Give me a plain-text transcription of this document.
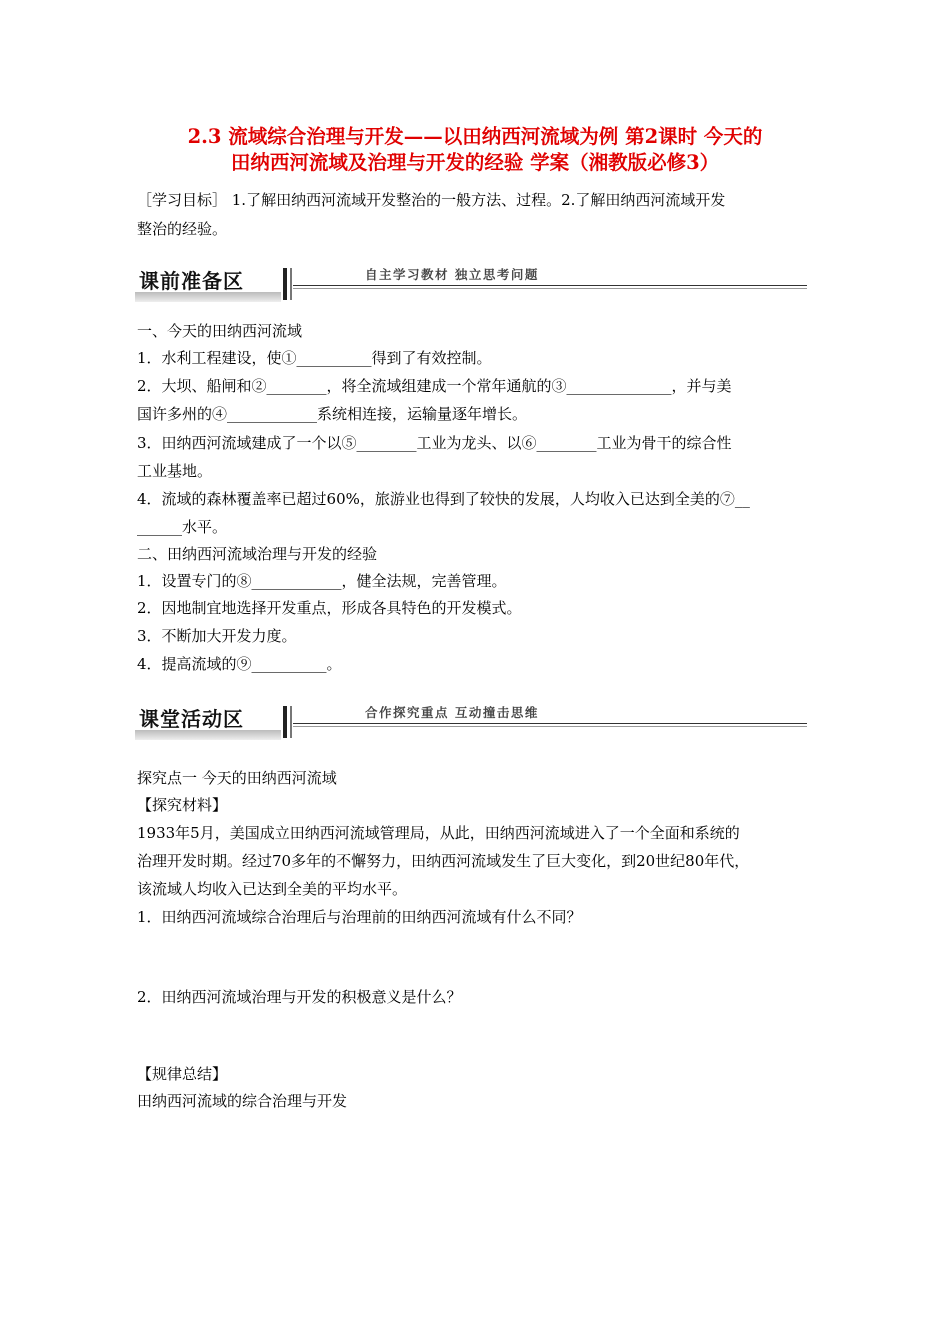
2.3 流域综合治理与开发——以田纳西河流域为例 第2课时 今天的
田纳西河流域及治理与开发的经验 学案（湘教版必修3）
［学习目标］ 1.了解田纳西河流域开发整治的一般方法、过程。2.了解田纳西河流域开发
整治的经验。
课前准备区	自主学习教材 独立思考问题
一、今天的田纳西河流域
1．水利工程建设，使①__________得到了有效控制。
2．大坝、船闸和②________，将全流域组建成一个常年通航的③______________，并与美
国许多州的④____________系统相连接，运输量逐年增长。
3．田纳西河流域建成了一个以⑤________工业为龙头、以⑥________工业为骨干的综合性
工业基地。
4．流域的森林覆盖率已超过60%，旅游业也得到了较快的发展，人均收入已达到全美的⑦__
______水平。
二、田纳西河流域治理与开发的经验
1．设置专门的⑧____________，健全法规，完善管理。
2．因地制宜地选择开发重点，形成各具特色的开发模式。
3．不断加大开发力度。
4．提高流域的⑨__________。
课堂活动区	合作探究重点 互动撞击思维
探究点一 今天的田纳西河流域
【探究材料】
1933年5月，美国成立田纳西河流域管理局，从此，田纳西河流域进入了一个全面和系统的
治理开发时期。经过70多年的不懈努力，田纳西河流域发生了巨大变化，到20世纪80年代，
该流域人均收入已达到全美的平均水平。
1．田纳西河流域综合治理后与治理前的田纳西河流域有什么不同？
2．田纳西河流域治理与开发的积极意义是什么？
【规律总结】
田纳西河流域的综合治理与开发
